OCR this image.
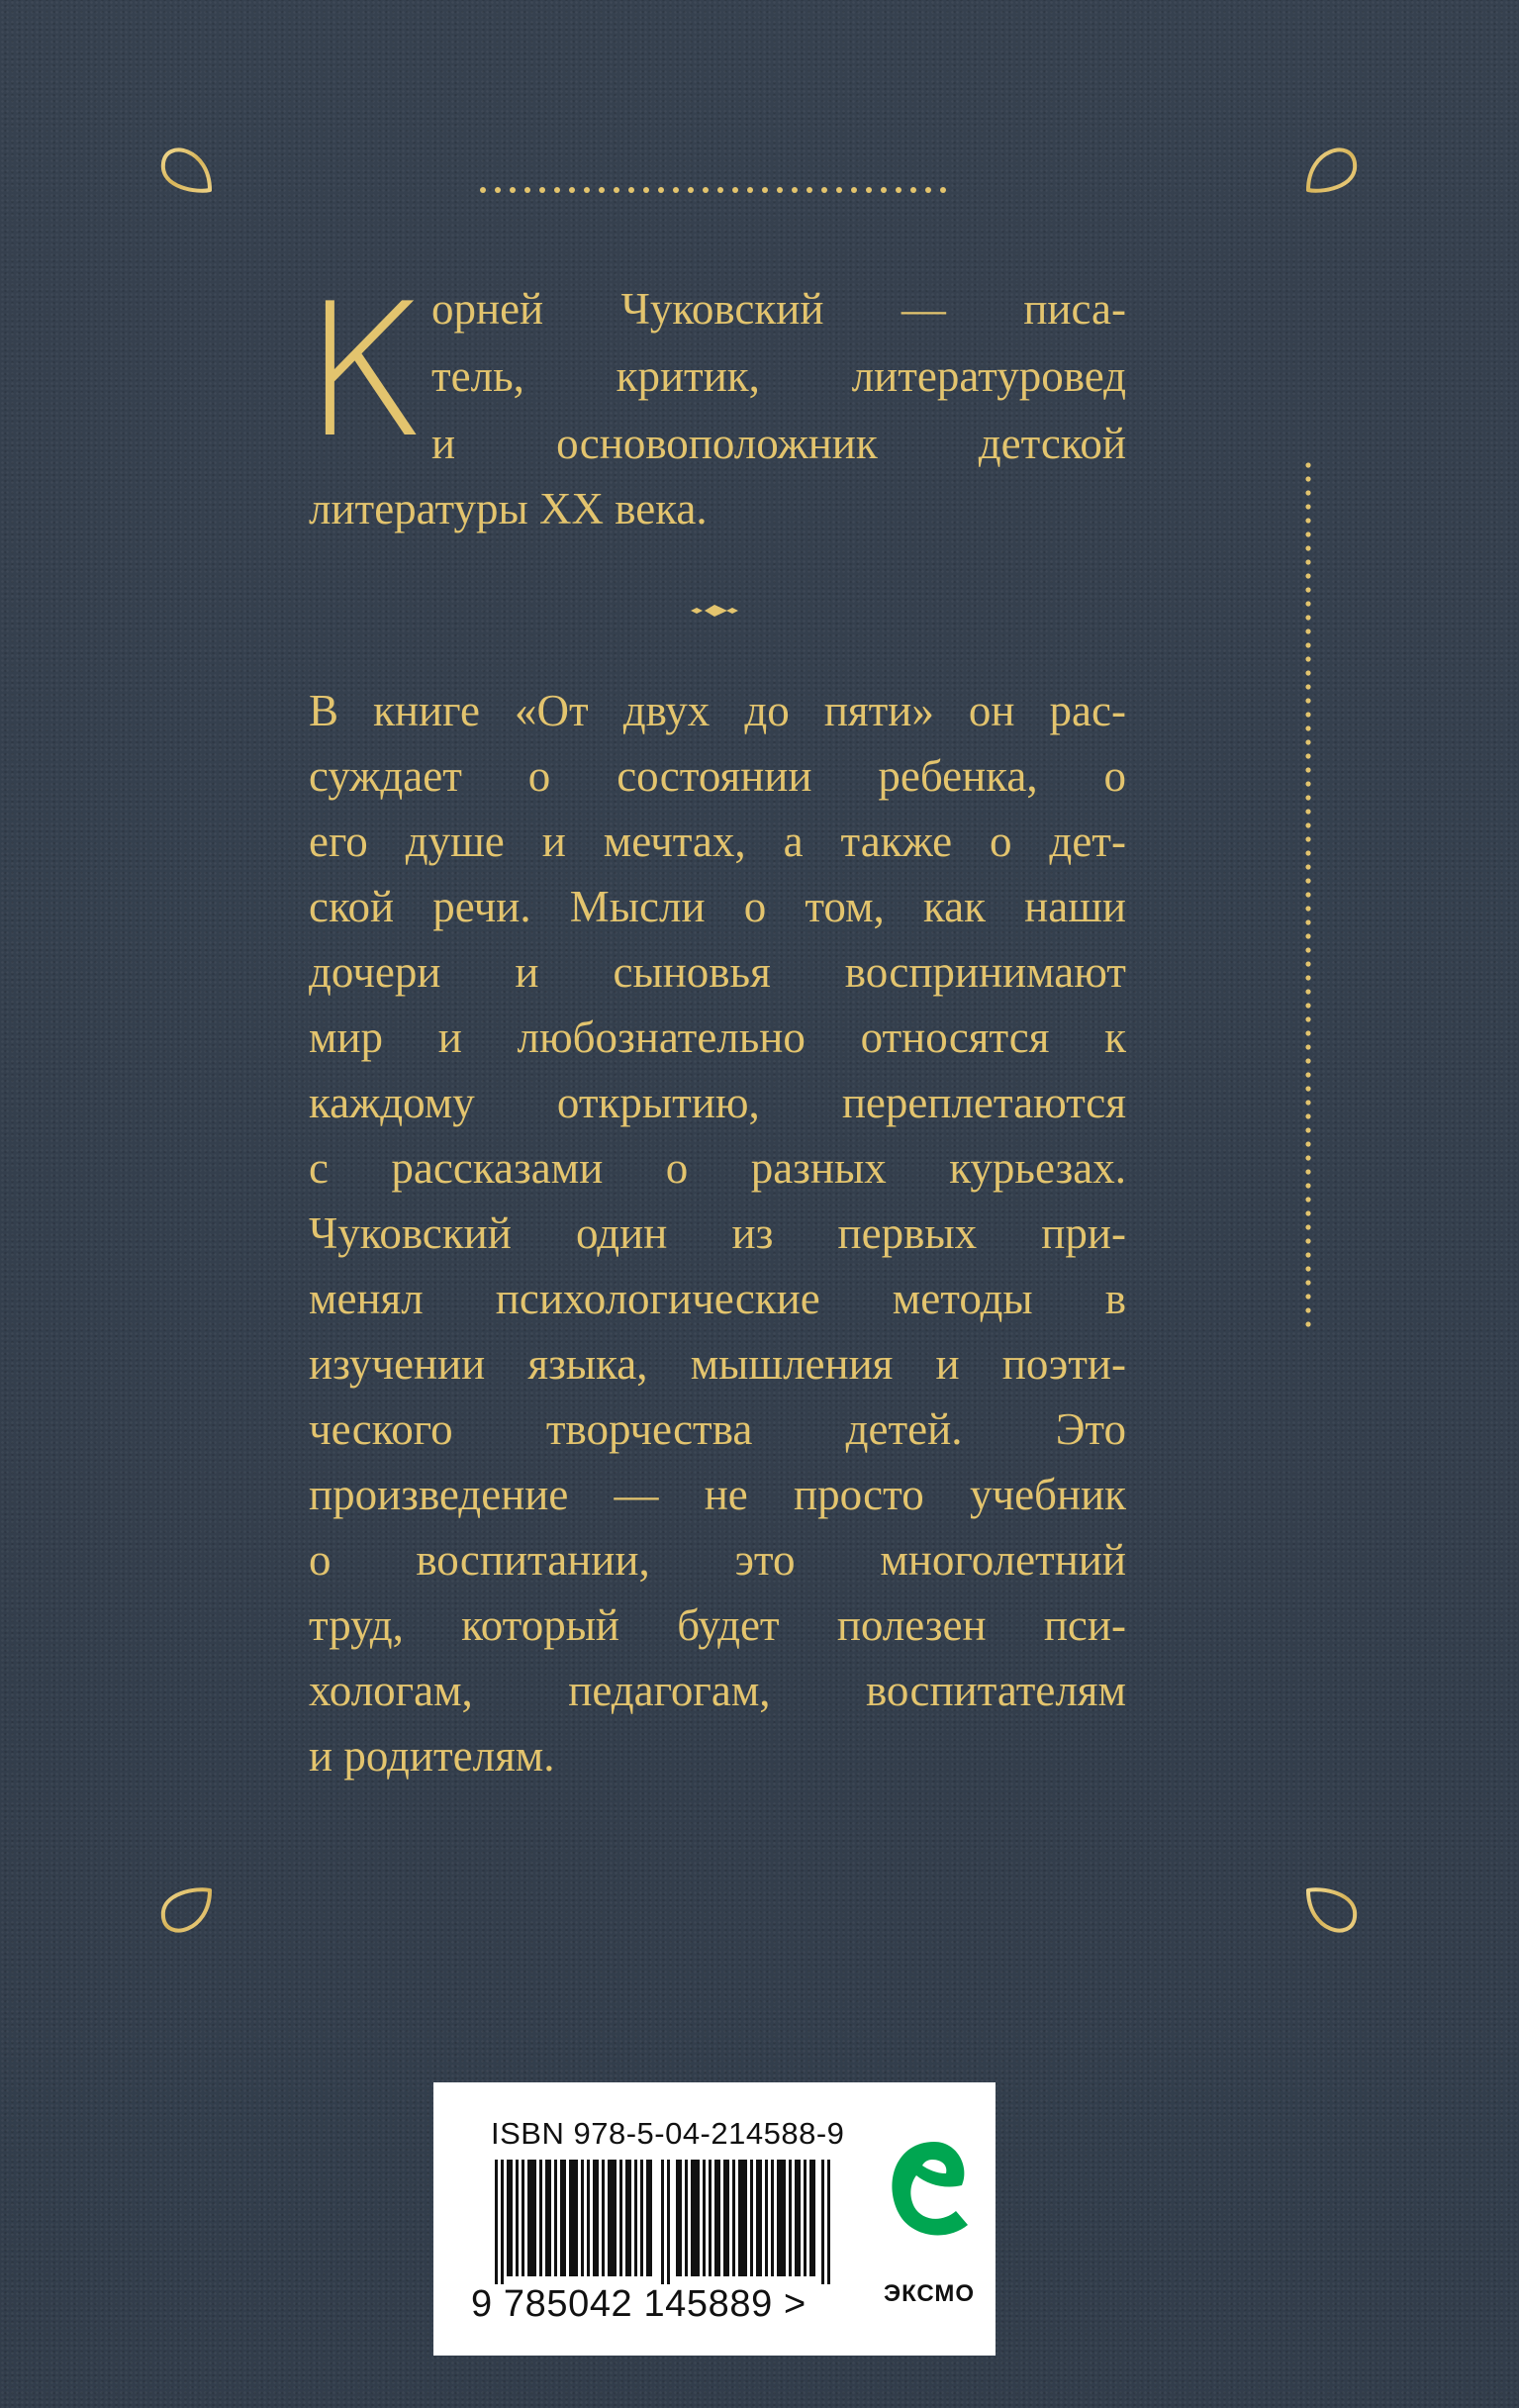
К орней Чуковский — писа-
тель, критик, литературовед
и основоположник детской
литературы ХХ века.
В книге «От двух до пяти» он рас-
суждает о состоянии ребенка, о
его душе и мечтах, а также о дет-
ской речи. Мысли о том, как наши
дочери и сыновья воспринимают
мир и любознательно относятся к
каждому открытию, переплетаются
с рассказами о разных курьезах.
Чуковский один из первых при-
менял психологические методы в
изучении языка, мышления и поэти-
ческого творчества детей. Это
произведение — не просто учебник
о воспитании, это многолетний
труд, который будет полезен пси-
хологам, педагогам, воспитателям
и родителям.
ISBN 978-5-04-214588-9
9 785042 145889 >	ЭКСМО
